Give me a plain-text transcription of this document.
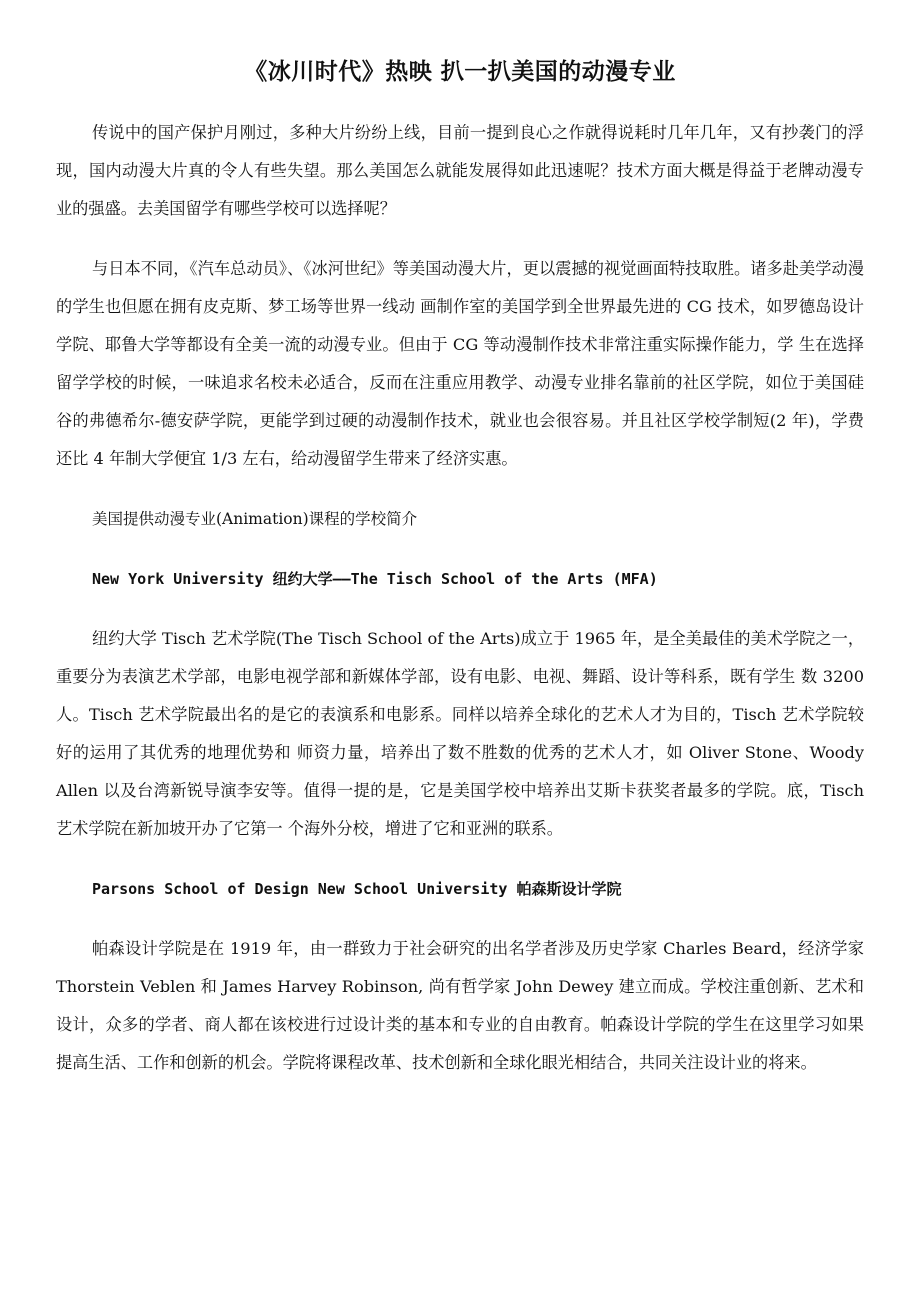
《冰川时代》热映 扒一扒美国的动漫专业

传说中的国产保护月刚过，多种大片纷纷上线，目前一提到良心之作就得说耗时几年几年，又有抄袭门的浮现，国内动漫大片真的令人有些失望。那么美国怎么就能发展得如此迅速呢？技术方面大概是得益于老牌动漫专业的强盛。去美国留学有哪些学校可以选择呢？

与日本不同，《汽车总动员》、《冰河世纪》等美国动漫大片，更以震撼的视觉画面特技取胜。诸多赴美学动漫的学生也但愿在拥有皮克斯、梦工场等世界一线动 画制作室的美国学到全世界最先进的 CG 技术，如罗德岛设计学院、耶鲁大学等都设有全美一流的动漫专业。但由于 CG 等动漫制作技术非常注重实际操作能力，学 生在选择留学学校的时候，一味追求名校未必适合，反而在注重应用教学、动漫专业排名靠前的社区学院，如位于美国硅谷的弗德希尔-德安萨学院，更能学到过硬的动漫制作技术，就业也会很容易。并且社区学校学制短(2 年)，学费还比 4 年制大学便宜 1/3 左右，给动漫留学生带来了经济实惠。

美国提供动漫专业(Animation)课程的学校简介

New York University 纽约大学——The Tisch School of the Arts (MFA)

纽约大学 Tisch 艺术学院(The Tisch School of the Arts)成立于 1965 年，是全美最佳的美术学院之一，重要分为表演艺术学部，电影电视学部和新媒体学部，设有电影、电视、舞蹈、设计等科系，既有学生 数 3200 人。Tisch 艺术学院最出名的是它的表演系和电影系。同样以培养全球化的艺术人才为目的，Tisch 艺术学院较好的运用了其优秀的地理优势和 师资力量，培养出了数不胜数的优秀的艺术人才，如 Oliver Stone、Woody Allen 以及台湾新锐导演李安等。值得一提的是，它是美国学校中培养出艾斯卡获奖者最多的学院。底，Tisch 艺术学院在新加坡开办了它第一 个海外分校，增进了它和亚洲的联系。

Parsons School of Design New School University 帕森斯设计学院

帕森设计学院是在 1919 年，由一群致力于社会研究的出名学者涉及历史学家 Charles Beard，经济学家 Thorstein Veblen 和 James Harvey Robinson, 尚有哲学家 John Dewey 建立而成。学校注重创新、艺术和设计，众多的学者、商人都在该校进行过设计类的基本和专业的自由教育。帕森设计学院的学生在这里学习如果提高生活、工作和创新的机会。学院将课程改革、技术创新和全球化眼光相结合，共同关注设计业的将来。
